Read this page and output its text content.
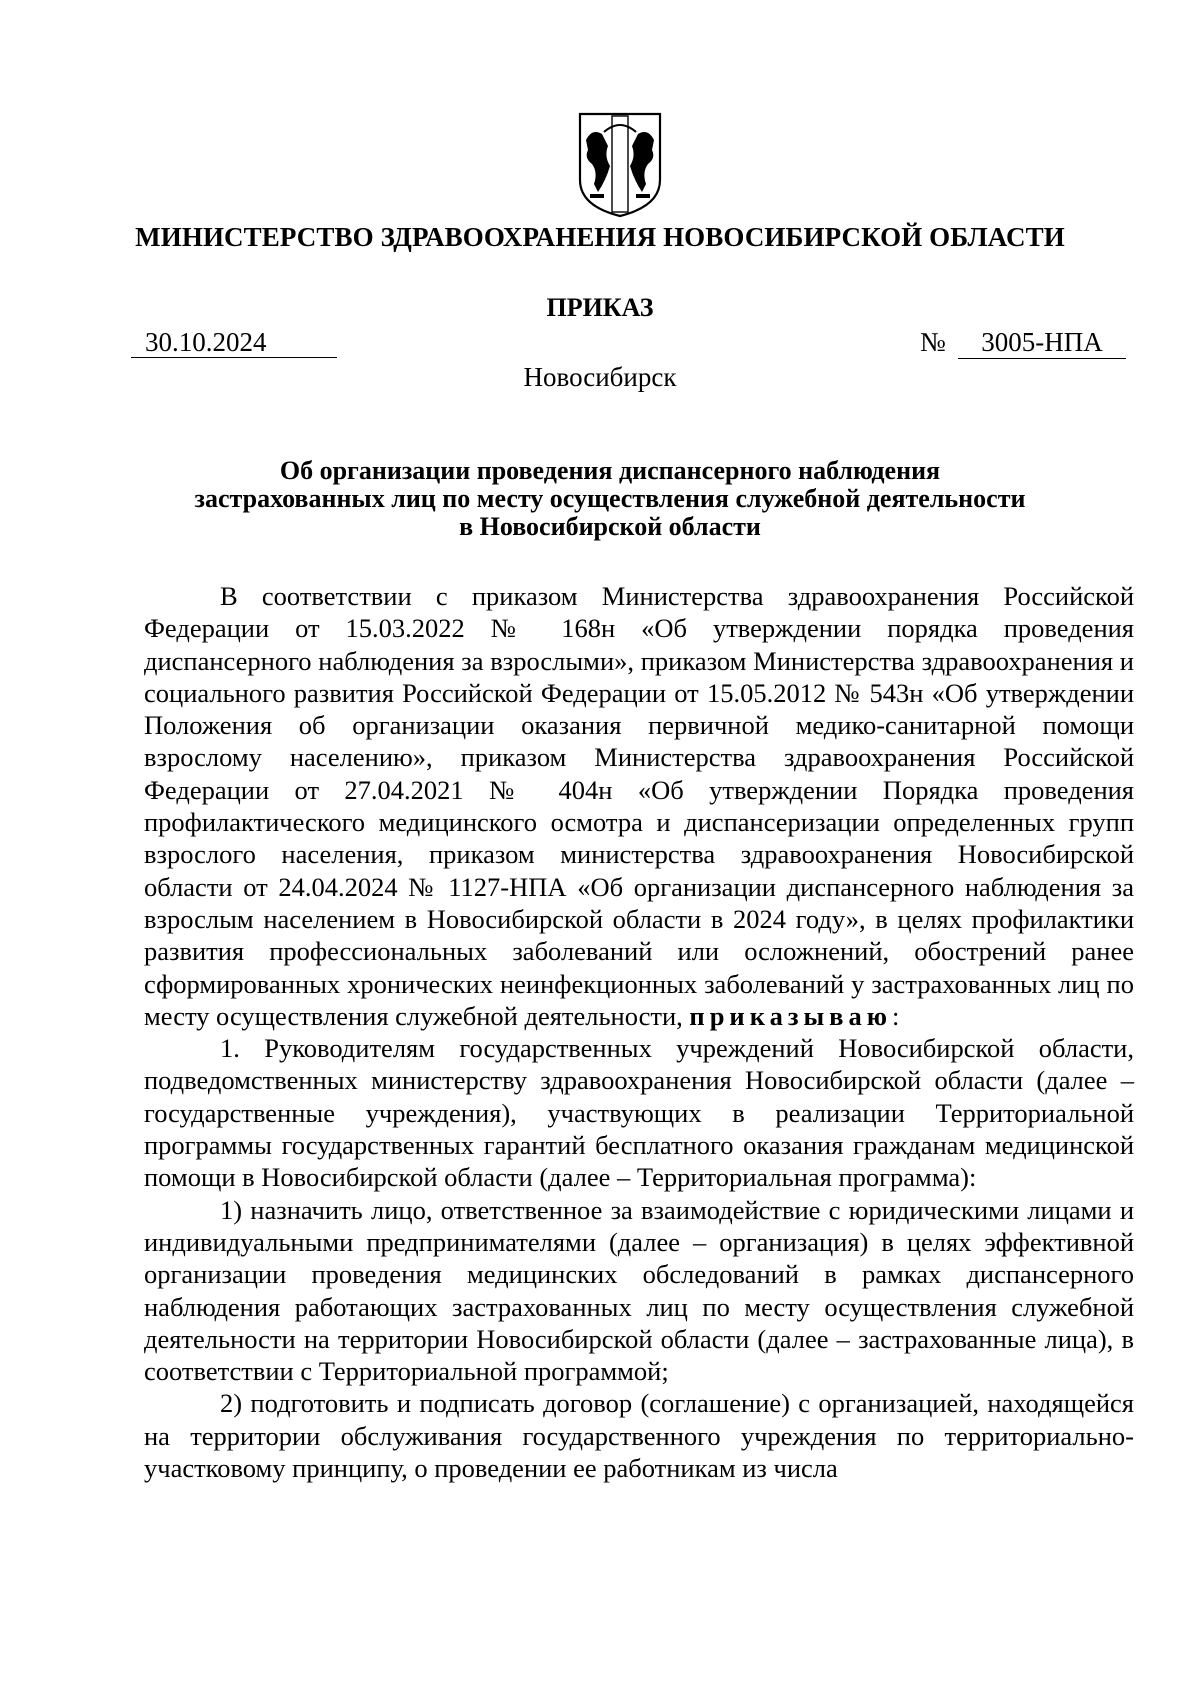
МИНИСТЕРСТВО ЗДРАВООХРАНЕНИЯ НОВОСИБИРСКОЙ ОБЛАСТИ
ПРИКАЗ
30.10.2024	№	3005-НПА
Новосибирск
Об организации проведения диспансерного наблюдения
застрахованных лиц по месту осуществления служебной деятельности
в Новосибирской области

В соответствии с приказом Министерства здравоохранения Российской Федерации от 15.03.2022 № 168н «Об утверждении порядка проведения диспансерного наблюдения за взрослыми», приказом Министерства здравоохранения и социального развития Российской Федерации от 15.05.2012 № 543н «Об утверждении Положения об организации оказания первичной медико-санитарной помощи взрослому населению», приказом Министерства здравоохранения Российской Федерации от 27.04.2021 № 404н «Об утверждении Порядка проведения профилактического медицинского осмотра и диспансеризации определенных групп взрослого населения, приказом министерства здравоохранения Новосибирской области от 24.04.2024 № 1127-НПА «Об организации диспансерного наблюдения за взрослым населением в Новосибирской области в 2024 году», в целях профилактики развития профессиональных заболеваний или осложнений, обострений ранее сформированных хронических неинфекционных заболеваний у застрахованных лиц по месту осуществления служебной деятельности, приказываю:

1. Руководителям государственных учреждений Новосибирской области, подведомственных министерству здравоохранения Новосибирской области (далее – государственные учреждения), участвующих в реализации Территориальной программы государственных гарантий бесплатного оказания гражданам медицинской помощи в Новосибирской области (далее – Территориальная программа):

1) назначить лицо, ответственное за взаимодействие с юридическими лицами и индивидуальными предпринимателями (далее – организация) в целях эффективной организации проведения медицинских обследований в рамках диспансерного наблюдения работающих застрахованных лиц по месту осуществления служебной деятельности на территории Новосибирской области (далее – застрахованные лица), в соответствии с Территориальной программой;

2) подготовить и подписать договор (соглашение) с организацией, находящейся на территории обслуживания государственного учреждения по территориально-участковому принципу, о проведении ее работникам из числа
